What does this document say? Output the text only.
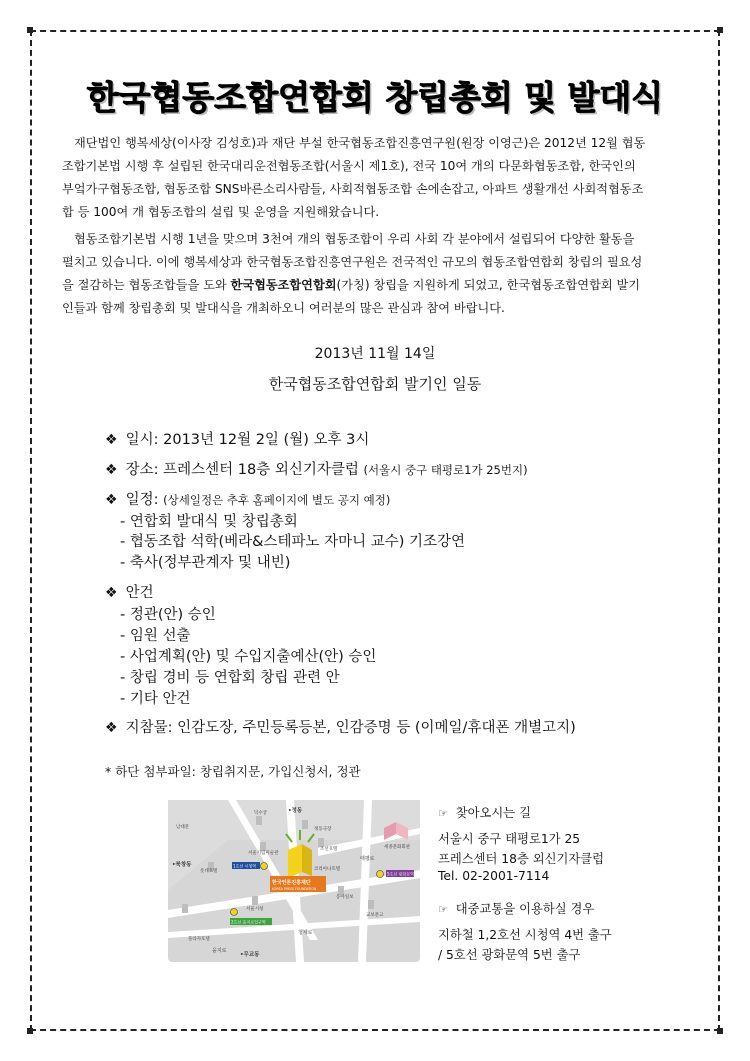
한국협동조합연합회 창립총회 및 발대식
재단법인 행복세상(이사장 김성호)과 재단 부설 한국협동조합진흥연구원(원장 이영근)은 2012년 12월 협동
조합기본법 시행 후 설립된 한국대리운전협동조합(서울시 제1호), 전국 10여 개의 다문화협동조합, 한국인의
부엌가구협동조합, 협동조합 SNS바른소리사람들, 사회적협동조합 손에손잡고, 아파트 생활개선 사회적협동조
합 등 100여 개 협동조합의 설립 및 운영을 지원해왔습니다.
협동조합기본법 시행 1년을 맞으며 3천여 개의 협동조합이 우리 사회 각 분야에서 설립되어 다양한 활동을
펼치고 있습니다. 이에 행복세상과 한국협동조합진흥연구원은 전국적인 규모의 협동조합연합회 창립의 필요성
을 절감하는 협동조합들을 도와 한국협동조합연합회(가칭) 창립을 지원하게 되었고, 한국협동조합연합회 발기
인들과 함께 창립총회 및 발대식을 개최하오니 여러분의 많은 관심과 참여 바랍니다.
2013년 11월 14일
한국협동조합연합회 발기인 일동
❖ 일시: 2013년 12월 2일 (월) 오후 3시
❖ 장소: 프레스센터 18층 외신기자클럽 (서울시 중구 태평로1가 25번지)
❖ 일정: (상세일정은 추후 홈페이지에 별도 공지 예정)
- 연합회 발대식 및 창립총회
- 협동조합 석학(베라&스테파노 자마니 교수) 기조강연
- 축사(정부관계자 및 내빈)
❖ 안건
- 정관(안) 승인
- 임원 선출
- 사업계획(안) 및 수입지출예산(안) 승인
- 창립 경비 등 연합회 창립 관련 안
- 기타 안건
❖ 지참물: 인감도장, 주민등록등본, 인감증명 등 (이메일/휴대폰 개별고지)
* 하단 첨부파일: 창립취지문, 가입신청서, 정관
•정동
덕수궁
남대문
•북창동	1호선 시청역
2호선 을지로입구역
5호선 광화문역
한국언론진흥재단
KOREA PRESS FOUNDATION
태평로
청계로
을지로
•무교동
서울시청
정동극장
플라자호텔
롯데호텔
조선호텔
코리아나호텔
동아일보
서울시립미술관
세종문화회관
교보문고
☞ 찾아오시는 길
서울시 중구 태평로1가 25
프레스센터 18층 외신기자클럽
Tel. 02-2001-7114
☞ 대중교통을 이용하실 경우
지하철 1,2호선 시청역 4번 출구
/ 5호선 광화문역 5번 출구
